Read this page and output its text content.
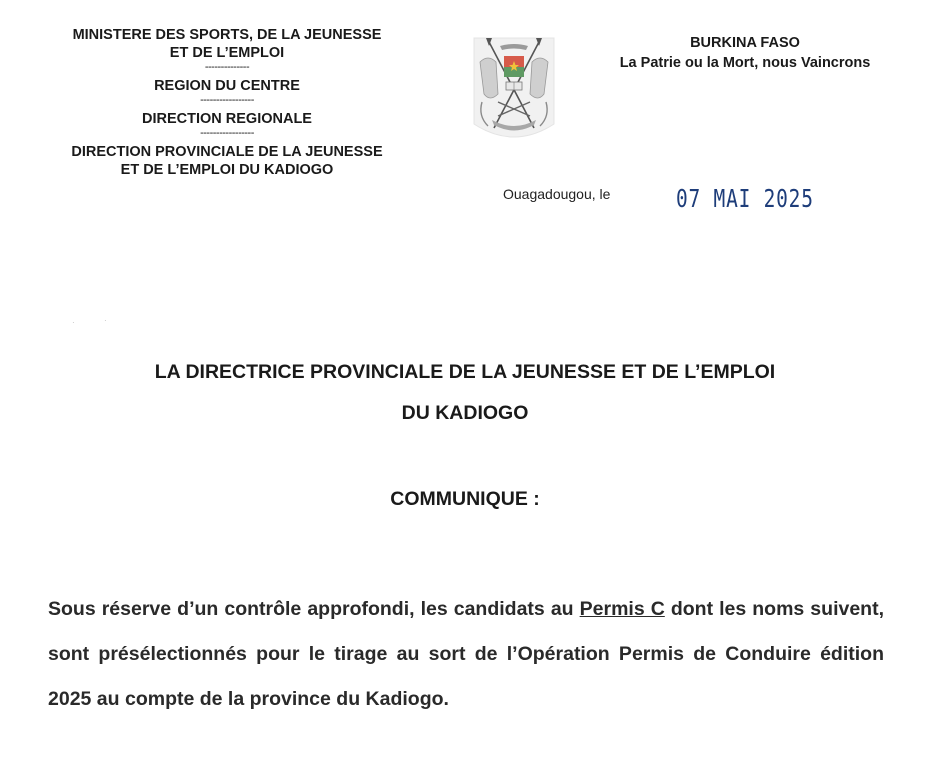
MINISTERE DES SPORTS, DE LA JEUNESSE
ET DE L’EMPLOI
--------------
REGION DU CENTRE
-----------------
DIRECTION REGIONALE
-----------------
DIRECTION PROVINCIALE DE LA JEUNESSE
ET DE L’EMPLOI DU KADIOGO
BURKINA FASO
La Patrie ou la Mort, nous Vaincrons
Ouagadougou, le	07 MAI 2025
·	·
LA DIRECTRICE PROVINCIALE DE LA JEUNESSE ET DE L’EMPLOI
DU KADIOGO
COMMUNIQUE :
Sous réserve d’un contrôle approfondi, les candidats au Permis C dont les noms suivent, sont présélectionnés pour le tirage au sort de l’Opération Permis de Conduire édition 2025 au compte de la province du Kadiogo.
